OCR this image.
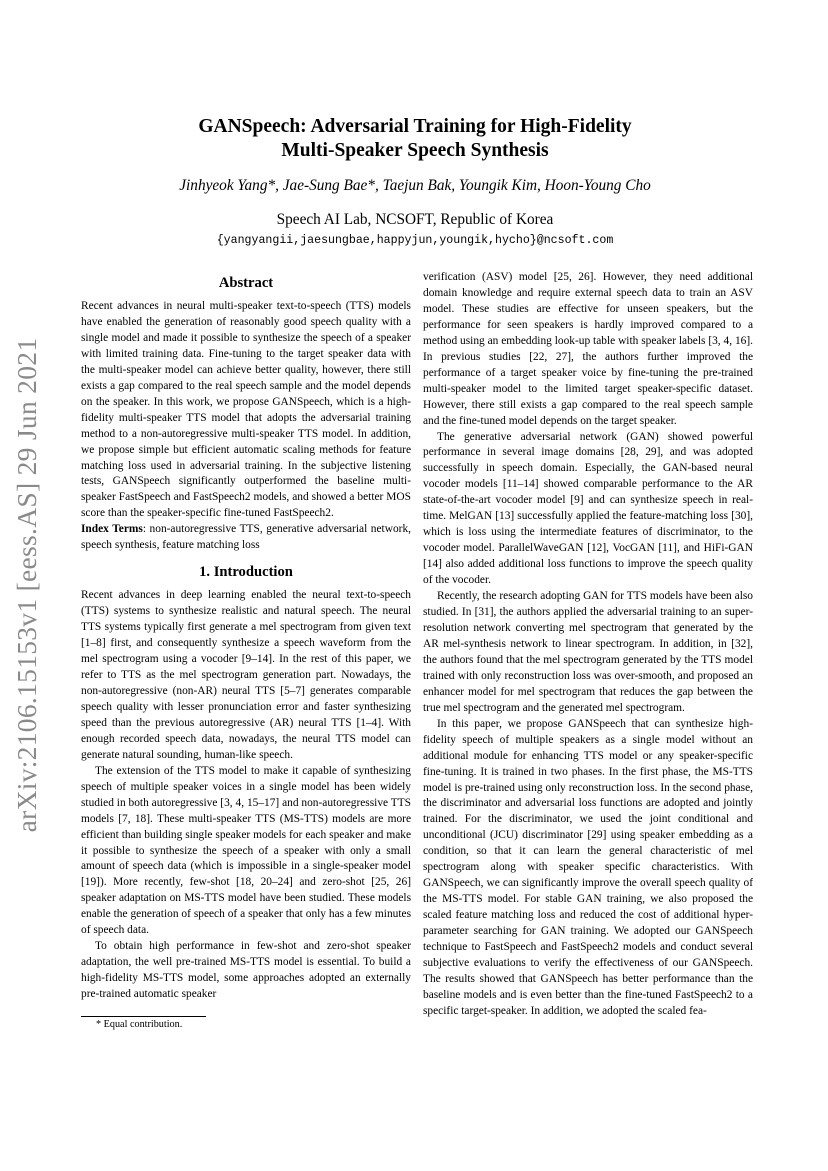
arXiv:2106.15153v1 [eess.AS] 29 Jun 2021
GANSpeech: Adversarial Training for High-Fidelity
Multi-Speaker Speech Synthesis
Jinhyeok Yang*, Jae-Sung Bae*, Taejun Bak, Youngik Kim, Hoon-Young Cho
Speech AI Lab, NCSOFT, Republic of Korea
{yangyangii,jaesungbae,happyjun,youngik,hycho}@ncsoft.com
Abstract

Recent advances in neural multi-speaker text-to-speech (TTS) models have enabled the generation of reasonably good speech quality with a single model and made it possible to synthesize the speech of a speaker with limited training data. Fine-tuning to the target speaker data with the multi-speaker model can achieve better quality, however, there still exists a gap compared to the real speech sample and the model depends on the speaker. In this work, we propose GANSpeech, which is a high-fidelity multi-speaker TTS model that adopts the adversarial training method to a non-autoregressive multi-speaker TTS model. In addition, we propose simple but efficient automatic scaling methods for feature matching loss used in adversarial training. In the subjective listening tests, GANSpeech significantly outperformed the baseline multi-speaker FastSpeech and FastSpeech2 models, and showed a better MOS score than the speaker-specific fine-tuned FastSpeech2.

Index Terms: non-autoregressive TTS, generative adversarial network, speech synthesis, feature matching loss

1. Introduction

Recent advances in deep learning enabled the neural text-to-speech (TTS) systems to synthesize realistic and natural speech. The neural TTS systems typically first generate a mel spectrogram from given text [1–8] first, and consequently synthesize a speech waveform from the mel spectrogram using a vocoder [9–14]. In the rest of this paper, we refer to TTS as the mel spectrogram generation part. Nowadays, the non-autoregressive (non-AR) neural TTS [5–7] generates comparable speech quality with lesser pronunciation error and faster synthesizing speed than the previous autoregressive (AR) neural TTS [1–4]. With enough recorded speech data, nowadays, the neural TTS model can generate natural sounding, human-like speech.

The extension of the TTS model to make it capable of synthesizing speech of multiple speaker voices in a single model has been widely studied in both autoregressive [3, 4, 15–17] and non-autoregressive TTS models [7, 18]. These multi-speaker TTS (MS-TTS) models are more efficient than building single speaker models for each speaker and make it possible to synthesize the speech of a speaker with only a small amount of speech data (which is impossible in a single-speaker model [19]). More recently, few-shot [18, 20–24] and zero-shot [25, 26] speaker adaptation on MS-TTS model have been studied. These models enable the generation of speech of a speaker that only has a few minutes of speech data.

To obtain high performance in few-shot and zero-shot speaker adaptation, the well pre-trained MS-TTS model is essential. To build a high-fidelity MS-TTS model, some approaches adopted an externally pre-trained automatic speaker

verification (ASV) model [25, 26]. However, they need additional domain knowledge and require external speech data to train an ASV model. These studies are effective for unseen speakers, but the performance for seen speakers is hardly improved compared to a method using an embedding look-up table with speaker labels [3, 4, 16]. In previous studies [22, 27], the authors further improved the performance of a target speaker voice by fine-tuning the pre-trained multi-speaker model to the limited target speaker-specific dataset. However, there still exists a gap compared to the real speech sample and the fine-tuned model depends on the target speaker.

The generative adversarial network (GAN) showed powerful performance in several image domains [28, 29], and was adopted successfully in speech domain. Especially, the GAN-based neural vocoder models [11–14] showed comparable performance to the AR state-of-the-art vocoder model [9] and can synthesize speech in real-time. MelGAN [13] successfully applied the feature-matching loss [30], which is loss using the intermediate features of discriminator, to the vocoder model. ParallelWaveGAN [12], VocGAN [11], and HiFi-GAN [14] also added additional loss functions to improve the speech quality of the vocoder.

Recently, the research adopting GAN for TTS models have been also studied. In [31], the authors applied the adversarial training to an super-resolution network converting mel spectrogram that generated by the AR mel-synthesis network to linear spectrogram. In addition, in [32], the authors found that the mel spectrogram generated by the TTS model trained with only reconstruction loss was over-smooth, and proposed an enhancer model for mel spectrogram that reduces the gap between the true mel spectrogram and the generated mel spectrogram.

In this paper, we propose GANSpeech that can synthesize high-fidelity speech of multiple speakers as a single model without an additional module for enhancing TTS model or any speaker-specific fine-tuning. It is trained in two phases. In the first phase, the MS-TTS model is pre-trained using only reconstruction loss. In the second phase, the discriminator and adversarial loss functions are adopted and jointly trained. For the discriminator, we used the joint conditional and unconditional (JCU) discriminator [29] using speaker embedding as a condition, so that it can learn the general characteristic of mel spectrogram along with speaker specific characteristics. With GANSpeech, we can significantly improve the overall speech quality of the MS-TTS model. For stable GAN training, we also proposed the scaled feature matching loss and reduced the cost of additional hyper-parameter searching for GAN training. We adopted our GANSpeech technique to FastSpeech and FastSpeech2 models and conduct several subjective evaluations to verify the effectiveness of our GANSpeech. The results showed that GANSpeech has better performance than the baseline models and is even better than the fine-tuned FastSpeech2 to a specific target-speaker. In addition, we adopted the scaled fea-

* Equal contribution.
